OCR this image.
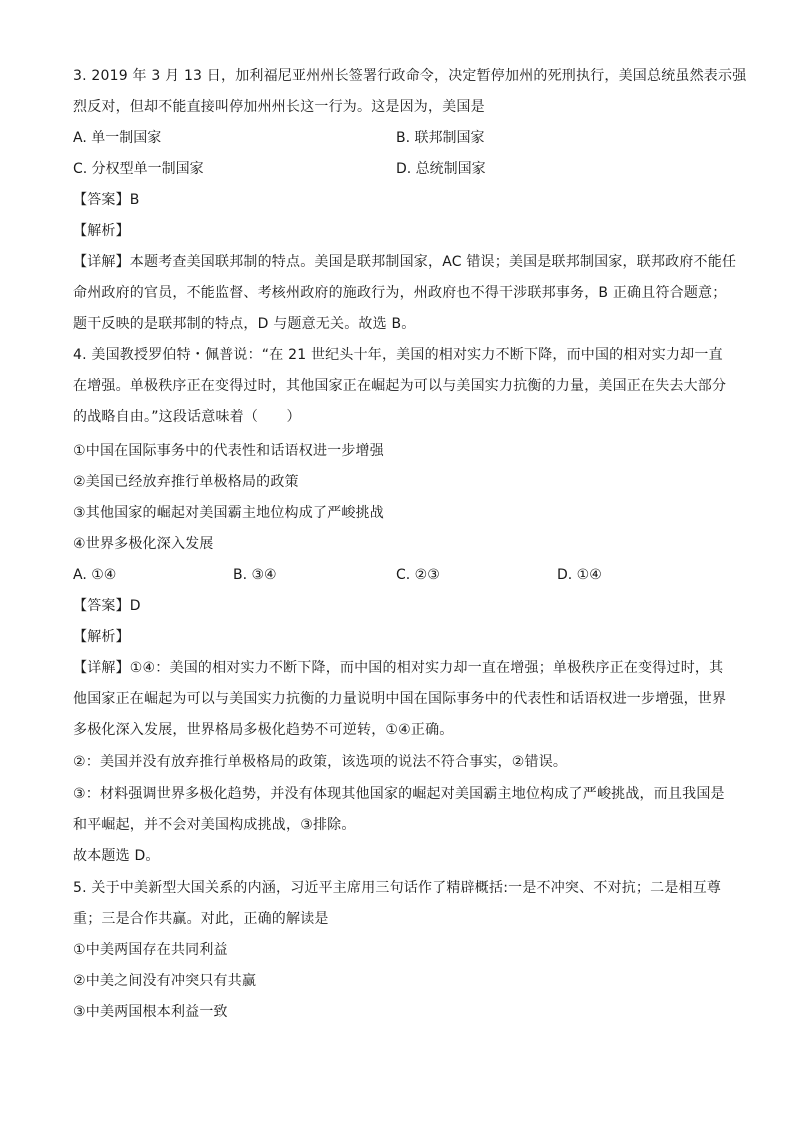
3. 2019 年 3 月 13 日，加利福尼亚州州长签署行政命令，决定暂停加州的死刑执行，美国总统虽然表示强
烈反对，但却不能直接叫停加州州长这一行为。这是因为，美国是
A. 单一制国家	B. 联邦制国家
C. 分权型单一制国家	D. 总统制国家
【答案】B
【解析】
【详解】本题考查美国联邦制的特点。美国是联邦制国家，AC 错误；美国是联邦制国家，联邦政府不能任
命州政府的官员，不能监督、考核州政府的施政行为，州政府也不得干涉联邦事务，B 正确且符合题意；
题干反映的是联邦制的特点，D 与题意无关。故选 B。
4. 美国教授罗伯特・佩普说：“在 21 世纪头十年，美国的相对实力不断下降，而中国的相对实力却一直
在增强。单极秩序正在变得过时，其他国家正在崛起为可以与美国实力抗衡的力量，美国正在失去大部分
的战略自由。”这段话意味着（　　）
①中国在国际事务中的代表性和话语权进一步增强
②美国已经放弃推行单极格局的政策
③其他国家的崛起对美国霸主地位构成了严峻挑战
④世界多极化深入发展
A. ①④	B. ③④	C. ②③	D. ①④
【答案】D
【解析】
【详解】①④：美国的相对实力不断下降，而中国的相对实力却一直在增强；单极秩序正在变得过时，其
他国家正在崛起为可以与美国实力抗衡的力量说明中国在国际事务中的代表性和话语权进一步增强，世界
多极化深入发展，世界格局多极化趋势不可逆转，①④正确。
②：美国并没有放弃推行单极格局的政策，该选项的说法不符合事实，②错误。
③：材料强调世界多极化趋势，并没有体现其他国家的崛起对美国霸主地位构成了严峻挑战，而且我国是
和平崛起，并不会对美国构成挑战，③排除。
故本题选 D。
5. 关于中美新型大国关系的内涵，习近平主席用三句话作了精辟概括:一是不冲突、不对抗；二是相互尊
重；三是合作共赢。对此，正确的解读是
①中美两国存在共同利益
②中美之间没有冲突只有共赢
③中美两国根本利益一致
